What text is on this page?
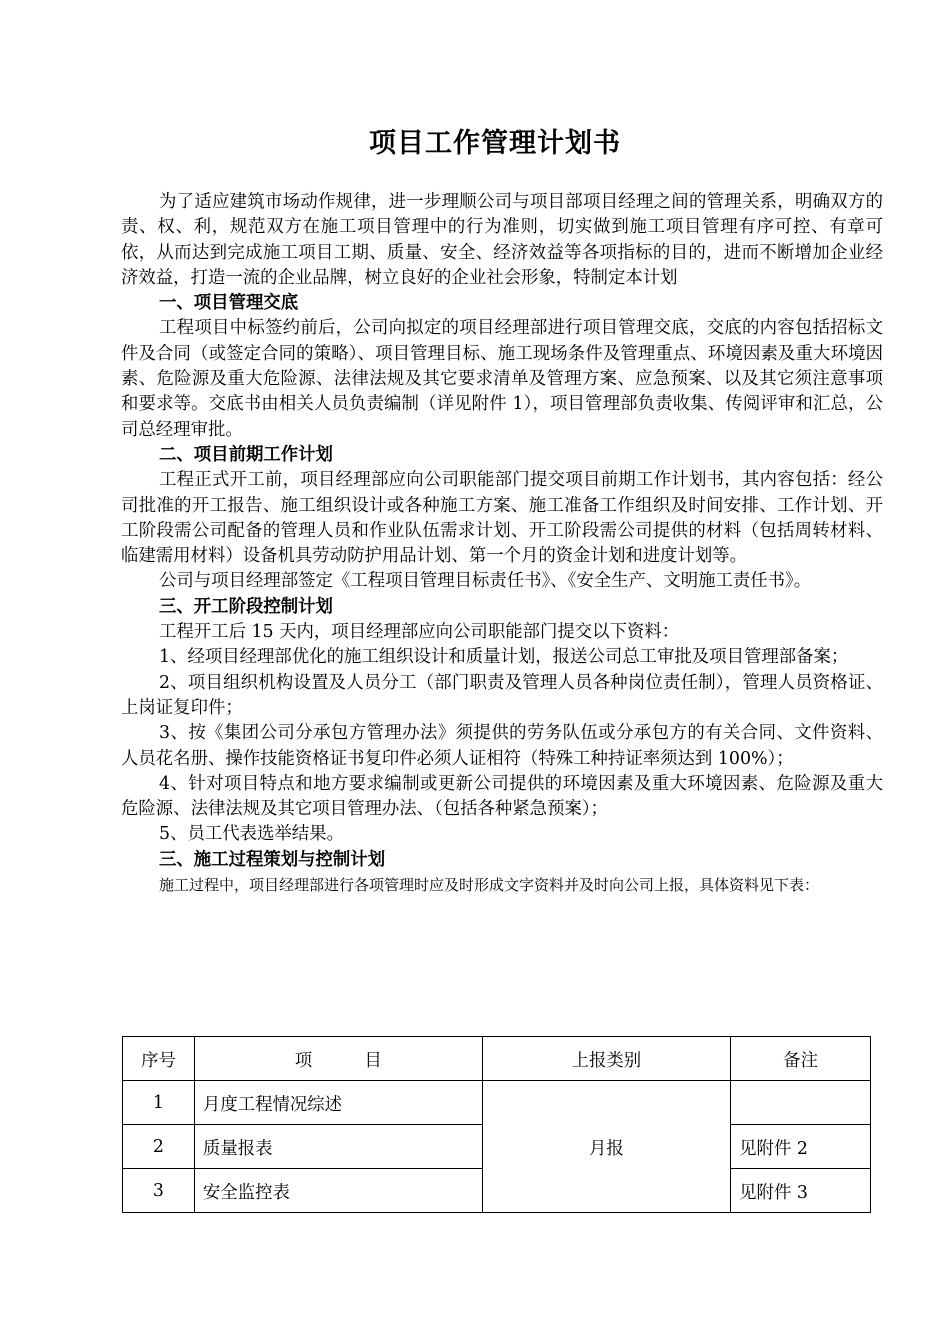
项目工作管理计划书

为了适应建筑市场动作规律，进一步理顺公司与项目部项目经理之间的管理关系，明确双方的责、权、利，规范双方在施工项目管理中的行为准则，切实做到施工项目管理有序可控、有章可依，从而达到完成施工项目工期、质量、安全、经济效益等各项指标的目的，进而不断增加企业经济效益，打造一流的企业品牌，树立良好的企业社会形象，特制定本计划

一、项目管理交底

工程项目中标签约前后，公司向拟定的项目经理部进行项目管理交底，交底的内容包括招标文件及合同（或签定合同的策略）、项目管理目标、施工现场条件及管理重点、环境因素及重大环境因素、危险源及重大危险源、法律法规及其它要求清单及管理方案、应急预案、以及其它须注意事项和要求等。交底书由相关人员负责编制（详见附件 1），项目管理部负责收集、传阅评审和汇总，公司总经理审批。

二、项目前期工作计划

工程正式开工前，项目经理部应向公司职能部门提交项目前期工作计划书，其内容包括：经公司批准的开工报告、施工组织设计或各种施工方案、施工准备工作组织及时间安排、工作计划、开工阶段需公司配备的管理人员和作业队伍需求计划、开工阶段需公司提供的材料（包括周转材料、临建需用材料）设备机具劳动防护用品计划、第一个月的资金计划和进度计划等。

公司与项目经理部签定《工程项目管理目标责任书》、《安全生产、文明施工责任书》。

三、开工阶段控制计划

工程开工后 15 天内，项目经理部应向公司职能部门提交以下资料：

1、经项目经理部优化的施工组织设计和质量计划，报送公司总工审批及项目管理部备案；

2、项目组织机构设置及人员分工（部门职责及管理人员各种岗位责任制），管理人员资格证、上岗证复印件；

3、按《集团公司分承包方管理办法》须提供的劳务队伍或分承包方的有关合同、文件资料、人员花名册、操作技能资格证书复印件必须人证相符（特殊工种持证率须达到 100%）；

4、针对项目特点和地方要求编制或更新公司提供的环境因素及重大环境因素、危险源及重大危险源、法律法规及其它项目管理办法、（包括各种紧急预案）；

5、员工代表选举结果。

三、施工过程策划与控制计划

施工过程中，项目经理部进行各项管理时应及时形成文字资料并及时向公司上报，具体资料见下表：

序号	项　　　目	上报类别	备注
1	月度工程情况综述	月报	
2	质量报表		见附件 2
3	安全监控表		见附件 3
